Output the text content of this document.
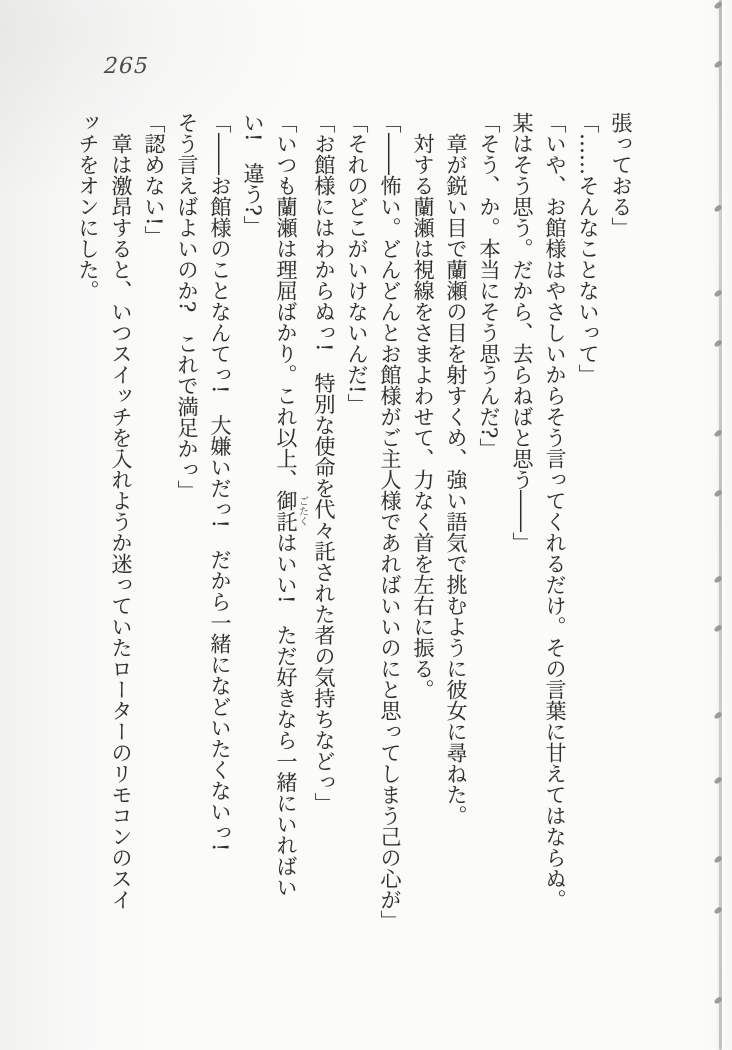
265

張っておる」

「……そんなことないって」

「いや、お館様はやさしいからそう言ってくれるだけ。その言葉に甘えてはならぬ。

某はそう思う。だから、去らねばと思う――」

「そう、か。本当にそう思うんだ?」

　章が鋭い目で蘭瀬の目を射すくめ、強い語気で挑むように彼女に尋ねた。

　対する蘭瀬は視線をさまよわせて、力なく首を左右に振る。

「――怖い。どんどんとお館様がご主人様であればいいのにと思ってしまう己の心が」

「それのどこがいけないんだ!」

「お館様にはわからぬっ!　特別な使命を代々託された者の気持ちなどっ」

「いつも蘭瀬は理屈ばかり。これ以上、御託ごたくはいい!　ただ好きなら一緒にいればい

い!　違う?」

「――お館様のことなんてっ!　大嫌いだっ!　だから一緒になどいたくないっ!

そう言えばよいのか?　これで満足かっ」

「認めない!」

　章は激昂すると、いつスイッチを入れようか迷っていたローターのリモコンのスイ

ッチをオンにした。
